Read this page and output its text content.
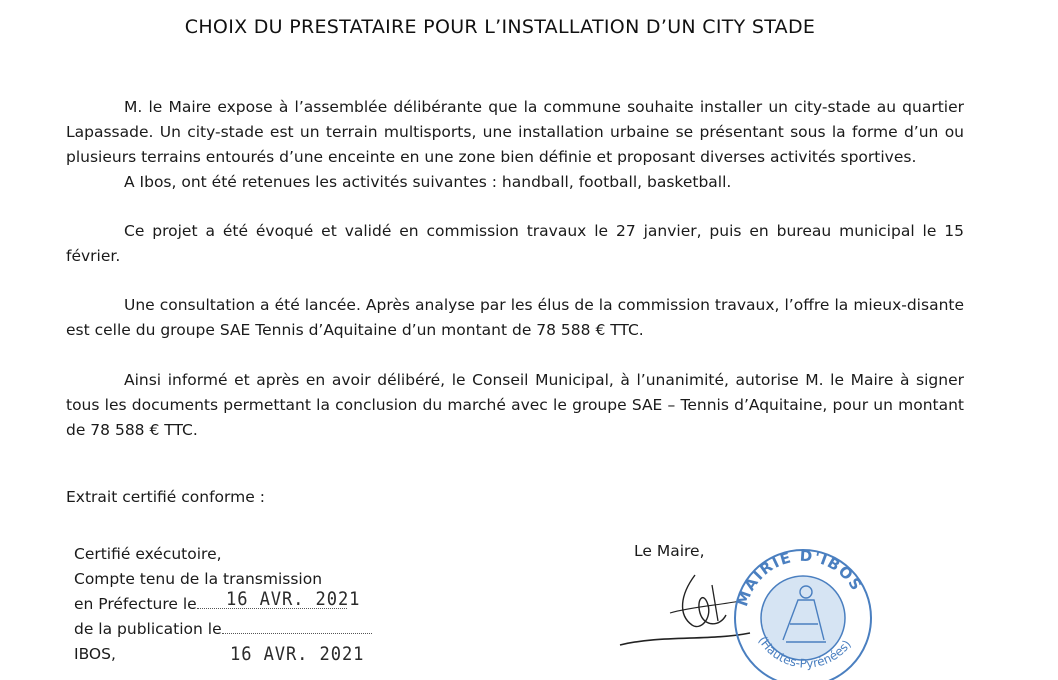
CHOIX DU PRESTATAIRE POUR L’INSTALLATION D’UN CITY STADE

M. le Maire expose à l’assemblée délibérante que la commune souhaite installer un city-stade au quartier Lapassade. Un city-stade est un terrain multisports, une installation urbaine se présentant sous la forme d’un ou plusieurs terrains entourés d’une enceinte en une zone bien définie et proposant diverses activités sportives.

A Ibos, ont été retenues les activités suivantes : handball, football, basketball.

Ce projet a été évoqué et validé en commission travaux le 27 janvier, puis en bureau municipal le 15 février.

Une consultation a été lancée. Après analyse par les élus de la commission travaux, l’offre la mieux-disante est celle du groupe SAE Tennis d’Aquitaine d’un montant de 78 588 € TTC.

Ainsi informé et après en avoir délibéré, le Conseil Municipal, à l’unanimité, autorise M. le Maire à signer tous les documents permettant la conclusion du marché avec le groupe SAE – Tennis d’Aquitaine, pour un montant de 78 588 € TTC.

Extrait certifié conforme :
Certifié exécutoire,
Compte tenu de la transmission
en Préfecture le
de la publication le
IBOS,
16 AVR. 2021
16 AVR. 2021
Le Maire,
MAIRIE D'IBOS
(Hautes-Pyrénées)
